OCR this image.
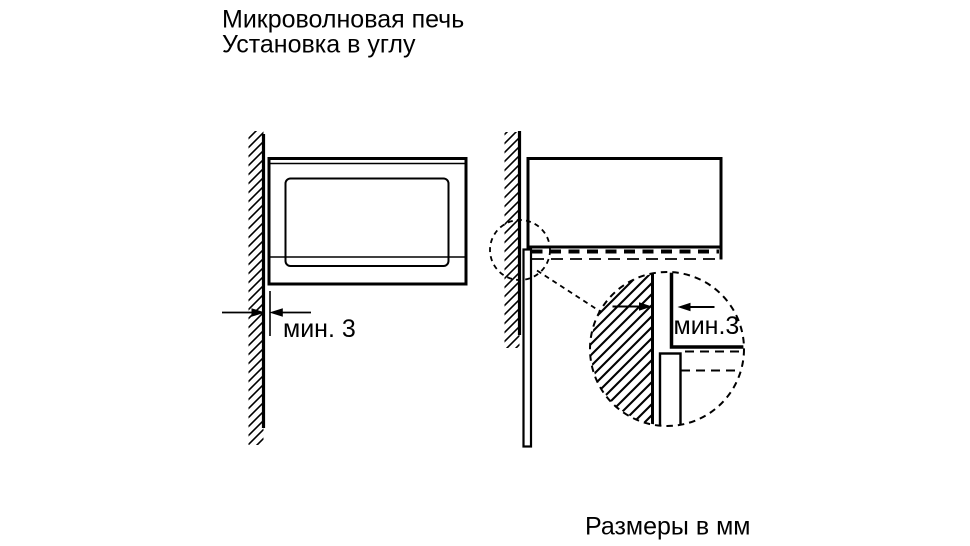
Микроволновая печь
Установка в углу
мин. 3	мин.3
Размеры в мм
